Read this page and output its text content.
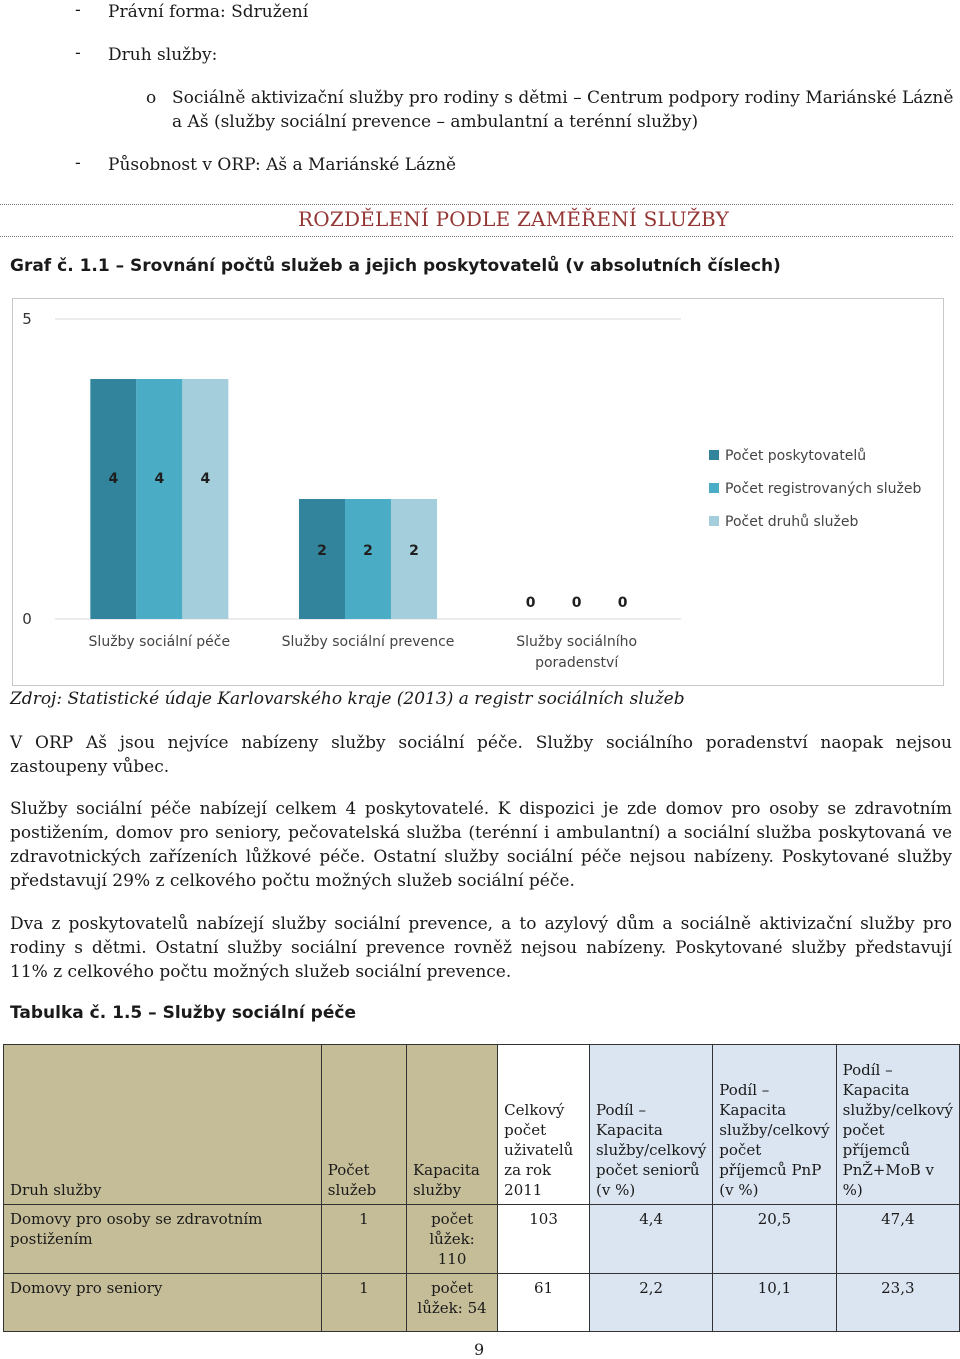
- Právní forma: Sdružení
- Druh služby:
o Sociálně aktivizační služby pro rodiny s dětmi – Centrum podpory rodiny Mariánské Lázně
a Aš (služby sociální prevence – ambulantní a terénní služby)
- Působnost v ORP: Aš a Mariánské Lázně
ROZDĚLENÍ PODLE ZAMĚŘENÍ SLUŽBY
Graf č. 1.1 – Srovnání počtů služeb a jejich poskytovatelů (v absolutních číslech)
0
5
4	4	4
Služby sociální péče
2	2	2
Služby sociální prevence
0	0	0
Služby sociálního
poradenství
Počet poskytovatelů
Počet registrovaných služeb
Počet druhů služeb
Zdroj: Statistické údaje Karlovarského kraje (2013) a registr sociálních služeb
V ORP Aš jsou nejvíce nabízeny služby sociální péče. Služby sociálního poradenství naopak nejsou zastoupeny vůbec.
Služby sociální péče nabízejí celkem 4 poskytovatelé. K dispozici je zde domov pro osoby se zdravotním postižením, domov pro seniory, pečovatelská služba (terénní i ambulantní) a sociální služba poskytovaná ve zdravotnických zařízeních lůžkové péče. Ostatní služby sociální péče nejsou nabízeny. Poskytované služby představují 29% z celkového počtu možných služeb sociální péče.
Dva z poskytovatelů nabízejí služby sociální prevence, a to azylový dům a sociálně aktivizační služby pro rodiny s dětmi. Ostatní služby sociální prevence rovněž nejsou nabízeny. Poskytované služby představují 11% z celkového počtu možných služeb sociální prevence.
Tabulka č. 1.5 – Služby sociální péče
Druh služby	Počet služeb	Kapacita služby	Celkový počet uživatelů za rok 2011	Podíl – Kapacita služby/celkový počet seniorů (v %)	Podíl – Kapacita služby/celkový počet příjemců PnP (v %)	Podíl – Kapacita služby/celkový počet příjemců PnŽ+MoB v %)
Domovy pro osoby se zdravotním postižením	1	počet lůžek: 110	103	4,4	20,5	47,4
Domovy pro seniory	1	počet lůžek: 54	61	2,2	10,1	23,3
9
